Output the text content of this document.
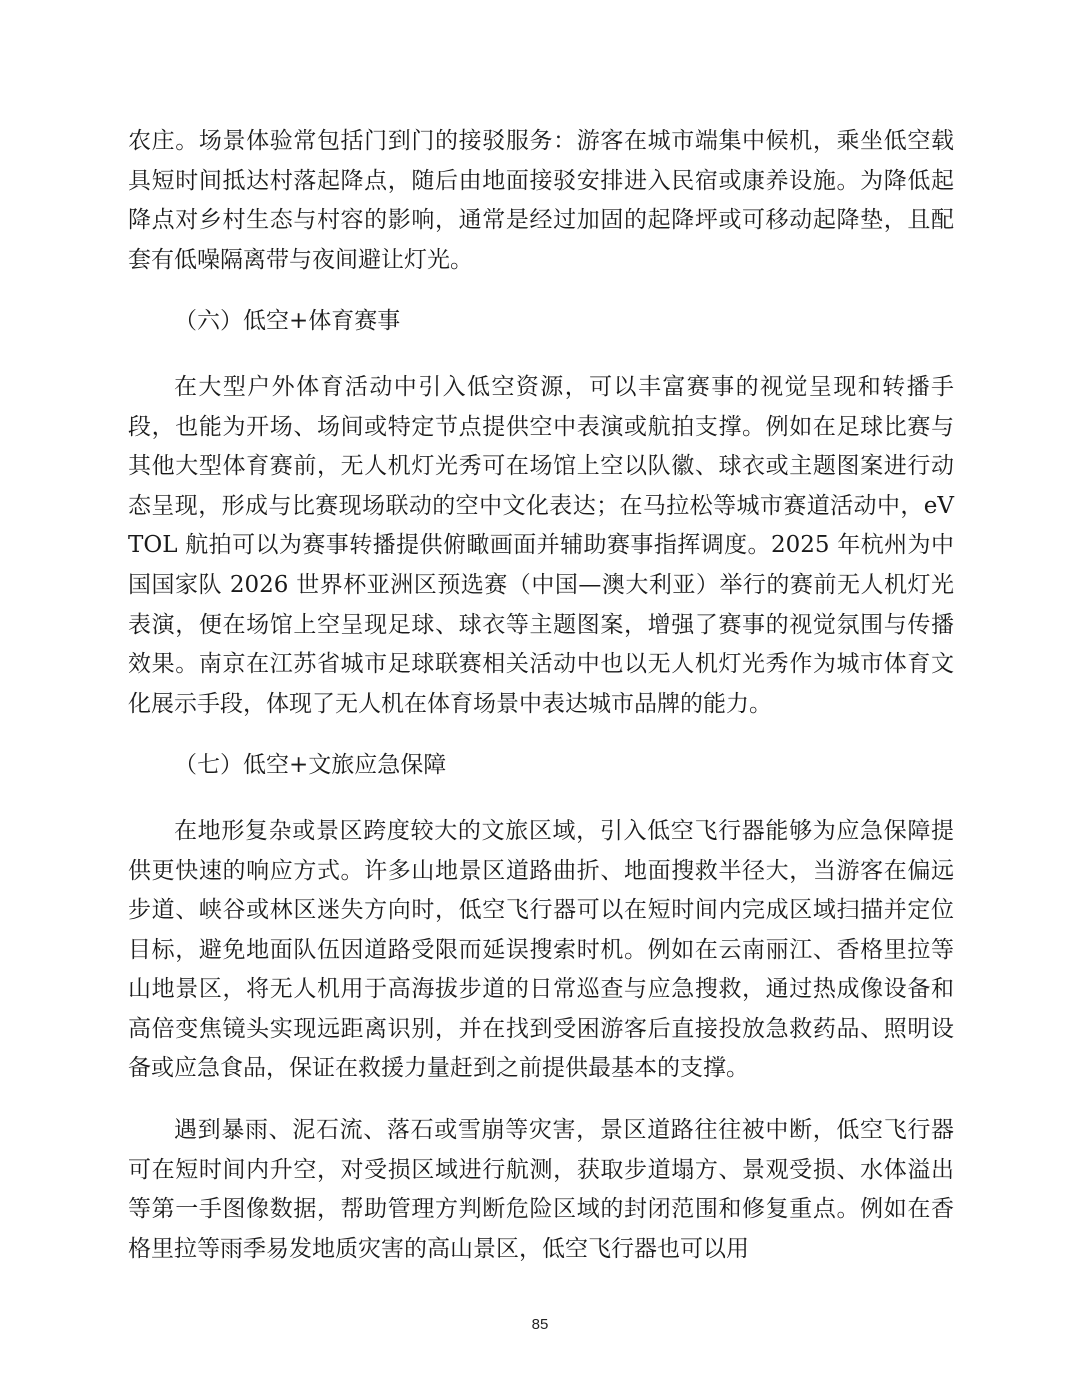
农庄。场景体验常包括门到门的接驳服务：游客在城市端集中候机，乘坐低空载具短时间抵达村落起降点，随后由地面接驳安排进入民宿或康养设施。为降低起降点对乡村生态与村容的影响，通常是经过加固的起降坪或可移动起降垫，且配套有低噪隔离带与夜间避让灯光。

（六）低空+体育赛事

在大型户外体育活动中引入低空资源，可以丰富赛事的视觉呈现和转播手段，也能为开场、场间或特定节点提供空中表演或航拍支撑。例如在足球比赛与其他大型体育赛前，无人机灯光秀可在场馆上空以队徽、球衣或主题图案进行动态呈现，形成与比赛现场联动的空中文化表达；在马拉松等城市赛道活动中，eVTOL 航拍可以为赛事转播提供俯瞰画面并辅助赛事指挥调度。2025 年杭州为中国国家队 2026 世界杯亚洲区预选赛（中国—澳大利亚）举行的赛前无人机灯光表演，便在场馆上空呈现足球、球衣等主题图案，增强了赛事的视觉氛围与传播效果。南京在江苏省城市足球联赛相关活动中也以无人机灯光秀作为城市体育文化展示手段，体现了无人机在体育场景中表达城市品牌的能力。

（七）低空+文旅应急保障

在地形复杂或景区跨度较大的文旅区域，引入低空飞行器能够为应急保障提供更快速的响应方式。许多山地景区道路曲折、地面搜救半径大，当游客在偏远步道、峡谷或林区迷失方向时，低空飞行器可以在短时间内完成区域扫描并定位目标，避免地面队伍因道路受限而延误搜索时机。例如在云南丽江、香格里拉等山地景区，将无人机用于高海拔步道的日常巡查与应急搜救，通过热成像设备和高倍变焦镜头实现远距离识别，并在找到受困游客后直接投放急救药品、照明设备或应急食品，保证在救援力量赶到之前提供最基本的支撑。

遇到暴雨、泥石流、落石或雪崩等灾害，景区道路往往被中断，低空飞行器可在短时间内升空，对受损区域进行航测，获取步道塌方、景观受损、水体溢出等第一手图像数据，帮助管理方判断危险区域的封闭范围和修复重点。例如在香格里拉等雨季易发地质灾害的高山景区，低空飞行器也可以用

85
